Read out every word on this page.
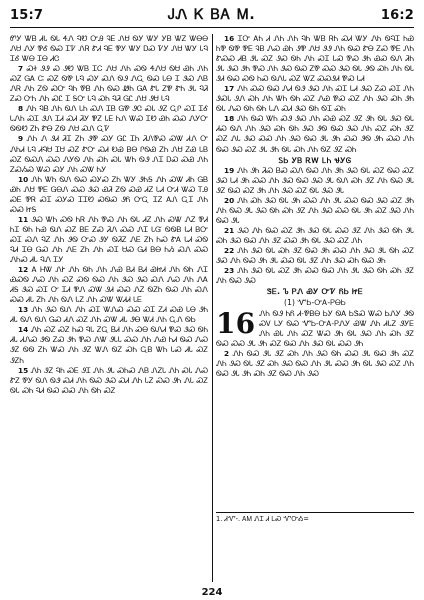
15:7	ᎫᏁ Ꮶ ᏴᎪ Ꮇ.	16:2

ᏛᎩ ᏔᏴ ᏗᏓ ᏫᏓ ᏎᏁ ᏄᏬ ᏅᎯ ᎸᎬ ᏁᏌ ᏫᎩ ᏔᎩ ᎩᏴ ᏔᏃ ᏔᎾᎾ ᏁᏌ ᏁᎩ ᏈᎴ ᏫᏍ ᏆᏤ ᏁᏒ ᏑᏗ ᏄᎬ ᏈᎩ ᏔᎩ ᎠᏍ ᏤᎩ ᏁᏌ ᏔᎩ ᏓᏄ ᏆᎴ ᏔᎾ ᏆᎾ ᏗᏣ

7 ᏍᏐ ᏭᏭ Ꮝ ᏭᏬ ᏔᏴ ᏆᏟ ᏁᏌ ᏁᏂ ᏍᏫ ᏎᏁᏌ ᏫᏌ ᏯᏂ ᏁᏂ ᏍᏃ ᏀᎪ Ꮸ ᏍᏃ ᏫᏈ ᏓᏄ ᏍᎩ ᏍᏁ ᏫᏭ ᏁᏩ ᏫᏍ ᏓᎾ Ꮖ ᏭᏍ ᏁᏴ ᏁᏒ ᏁᏂ ᏃᏫ ᏍᏅ ᏄᏂ ᏈᏴ ᏁᏂ ᏫᏍ ᏪᏂ ᏀᎪ ᏑᏓ ᏃᏈ ᏑᏂ ᏭᏓ ᏄᏘ ᏃᏍ ᏅᏂ ᏁᏂ ᏍᏝ Ꮖ ᎦᏅ ᏓᏄ ᏍᏂ ᏄᏘ ᏀᏝ ᏁᏌ ᏭᏌ ᏓᏄ

8 ᏁᏂ ᏄᏴ ᏁᏂ ᏫᏁ ᏓᏂ ᏍᏁ ᏆᏴ ᏀᏈ ᏭᏣ ᏍᏓ ᏭᏃ ᏩᎵ ᏍᏆ ᏆᎴ ᏓᏁᏂ ᏍᏆ ᏭᏁ ᏆᏗ ᏍᏗ ᏘᎩ ᏈᏃ ᏓᎬ ᏂᏁ ᏔᏍ ᏆᏬ ᏯᏂ ᏍᏍ ᏁᎩᏅ ᏫᏫᏬ ᏃᏂ ᏑᎾ ᏃᏫ ᏁᏌ ᏍᏁ ᏩᏤ

9 ᏁᏂ Ꮑ ᏭᏗ ᏘᏆ ᏃᏂ ᏭᏈ ᏍᎩ ᏀᏝ ᏆᏂ ᏘᏁᏈᏍ ᏍᏔ ᏗᏁ Ꮕ ᏁᏂᏗ ᏓᏄ ᏗᏄᏌ ᏆᏌ ᏍᏃ ᏑᏅ ᏍᏗ ᎧᏯ ᏴᎾ ᎵᏫᏯ ᏃᏂ ᏁᏌ ᏃᏯ ᏓᏴ ᏍᏃ ᏫᏍᏁ ᏍᏍ ᏁᎩᏫ ᏁᏂ ᏍᏂ ᏍᏓ ᏔᏂ ᏫᏭ ᏁᏆ ᎠᏍ ᏍᏯ ᏁᏂ ᏃᏍᏱᏍ ᏔᏍ ᏍᎩ ᏁᏂ ᏍᏔ ᏂᎩ

10 ᏁᏂ ᏔᏂ ᏫᏁ ᏫᏍ ᏍᎩᏍ ᏃᏂ ᏔᎩ ᏭᏂᎦ ᏁᏂ ᏍᏔ ᏗᏂ ᏀᏴ ᏯᏂ ᏁᏌ ᏈᎬ ᏀᎾᏁ ᏍᏍ ᏭᏍ ᏯᏘ ᏃᏫ ᏍᏯ ᏗᏃ ᏓᏗ ᏅᏗ ᏔᏍ ᎢᎯ ᏍᎬ ᏈᏒ ᏍᏆ ᏍᎩᏍ ᏆᏆᏬ ᏍᏫᏍ ᏭᏲ ᏅᏩ ᏆᏃ ᎪᏁ ᏩᏆ ᏁᏂ ᏍᏍ ᏥᎦ

11 ᏭᏍ ᏔᏂ ᏍᏫ ᏂᏒ ᏁᏂ ᏈᏍ ᏁᏂ ᏫᏓ ᏗᏃ ᏁᏂ ᏍᏔ ᏁᏃ ᏈᏗ ᏂᏆ ᏫᏂ ᏂᏯ ᏫᏁ ᏍᏃ ᏴᎬ ᏃᏍ ᏘᏁ ᏍᏍ ᏁᏆ ᏓᏳ ᏫᏫᏴ ᏓᏗ ᏴᏅ ᏍᏆ ᏍᏁ ᏄᏃ ᏁᏂ ᏭᏫ ᏅᏍ ᏭᎩ ᏫᏘᏃ ᏁᎬ ᏃᏂ ᏂᏍ ᏑᎪ ᏓᏗ ᏍᏫ ᏄᏗ ᏆᎾ ᏀᏍ ᏁᏂ ᏁᎬ ᏃᏂ ᏁᏂ ᏍᏆ ᏌᏍ ᏀᏗ ᏴᎾ ᏂᏱ ᏍᏁ ᏍᏍ ᏁᏂᏍ ᏗᏓ ᏄᏁ ᏆᎩ

12 Ꭺ ᎻᏔ ᏁᎨ ᏁᏂ ᏫᏂ ᏁᏂ ᏁᏯ ᏴᏗ ᏴᏗ ᏯᏥᏗ ᏁᏂ ᏫᏂ ᏁᏆ ᏯᏍᏫ ᏁᏍ ᏁᏂ ᏍᏃ ᏍᏫ ᏫᏍ ᏁᏂ ᏭᏍ ᏭᏍ ᏍᏁ ᏁᏍ ᏁᏂ ᏁᎪ ᏗᎦ ᏭᏍ ᏍᏆ Ꮕ ᏆᏗ ᏈᏁ ᏍᏔ ᏭᏗ ᏍᏍ ᏁᏃ ᏫᏃᏂ ᏫᏍ ᏁᏂ ᏍᏁ ᏍᏍ ᏗᏓ ᏃᏂ ᏁᏂ ᏫᏁ ᏓᏃ ᏁᏂ ᏍᏔ ᏔᏗᏗ ᏓᎬ

13 ᏁᏂ ᏭᏍ ᏫᏁ ᏁᏂ ᏍᏆ ᏔᏁᏍ ᏍᏍ ᏍᏆ ᏃᏗ ᏍᏯ ᏓᎾ ᏭᏂ ᏗᏓ ᏫᏁ ᏫᏁ ᏀᏍ ᏗᏁ ᏍᏃ ᏁᏂ ᏍᏔ ᏗᏓ ᏭᎾ ᏔᏗ ᏁᏂ ᏩᏁ ᏫᏏ

14 ᏁᏂ ᏍᏃ ᏍᏃ ᏂᏍ ᏄᏓ ᏃᏩ ᏴᏗ ᏁᏂ ᏍᎾ ᏫᏁᏗ ᏈᏍ ᏭᏍ ᏫᏂ ᏗᏓ ᏗᏁᏍ ᏭᏫ ᏃᏍ ᏭᏂ ᏈᏍ ᏁᏔ ᏭᏓᏓ ᏍᏍ ᏁᏂ ᏁᏯ ᏂᏗ ᏫᏍ ᏁᏍ ᏭᏃ ᏫᏫ ᏃᏂ ᏔᏍ ᏁᏂ ᏭᏃ ᏔᏁ ᏫᏃ ᏍᏂ ᏩᏴ ᏔᏂ ᏓᏍ ᏗᏓ ᏍᏃ ᏭᏃᏂ

15 ᏁᏂ ᏭᏃ ᏄᏂ ᏍᎬ ᏭᏆ ᏁᏂ ᏭᏓ ᏍᏂᏍ ᏁᏴ ᏁᏃᏓ ᏁᏂ ᏍᏓ ᏁᏍ ᏑᏃ ᏈᎩ ᏫᏁ ᏫᏭ ᏍᏗ ᏁᏂ ᏫᏍ ᏭᏍ ᏍᏗ ᏁᏂ ᏓᏃ ᏍᏍ ᏭᏂ ᏁᏓ ᏍᏃ ᏫᏓ ᏍᏂ ᏄᏗ ᏫᏍ ᏍᏍ ᏁᏂ ᏫᏂ ᏍᏃ

16 ᏆᏅ ᎪᏂ Ꮧ ᏁᏂ ᏁᏂ ᏄᏂ ᏔᏴ ᏒᏂ ᏍᏗ ᏔᎩ ᏁᏂ ᏫᏄᏆ ᏂᏯ ᏂᏈ ᏫᏈ ᏈᎬ ᎸᏴ ᏁᏍ ᏯᏂ ᏭᏈ ᏁᏌ ᏭᏭ ᏁᏂ ᏫᏍ ᏑᎾ ᏃᏍ ᏈᎬ ᏁᏂ ᏑᏍᏍ ᏗᏴ ᏭᏓ ᏍᏃ ᏭᏍ ᏫᏂ ᏁᏂ ᏍᏆ ᏓᏍ ᏈᏍ ᏭᏂ ᏯᏍ ᏫᏁ ᏘᏂ ᏭᏓ ᏭᏍ ᏭᏂ ᏈᏍ ᏁᏂ ᏭᏍ ᏫᏍ ᏃᏈ ᏍᏍ ᏭᏍ ᏫᏓ ᏭᏫ ᏍᏂ ᏁᏂ ᏫᏓ ᏭᏗ ᏫᏍ ᏍᏫ ᏂᏍ ᏫᏁᏓ ᏍᏃ ᏔᏃ ᏍᏍᏭᏗ ᏈᏍ ᏓᏗ

17 ᏁᏂ ᏍᏍ ᏫᏍ ᏁᏗ ᏫᏭ ᏭᏍ ᏁᏂ ᏍᏆ ᏓᏗ ᏭᏍ ᏃᏍ ᏍᏆ ᏁᏂ ᏭᏍᏓ ᏭᏁ ᏍᏂ ᏁᏂ ᏔᏂ ᏫᏂ ᏍᏃ ᏁᏯ ᏈᏍ ᏍᏃ ᏁᏂ ᏭᏍ ᏍᏂ ᏭᏂ ᏫᏓ ᏁᏍ ᏫᏂ ᏫᏂ ᏓᏁ ᏍᏗ ᏭᏍ ᏫᏂ ᏫᏆ ᏍᏂ

18 ᏁᏂ ᏫᏍ ᏔᏂ ᏍᏭ ᏭᏍ ᏁᏂ ᏍᏯ ᏍᏃ ᏭᏃ ᏭᏂ ᏫᏓ ᏭᏍ ᏫᏓ ᏗᏍ ᏫᏁ ᏁᏂ ᏭᏍ ᏍᏂ ᏫᏂ ᏭᏍ ᏭᏫ ᏫᏍ ᏭᏍ ᏁᏂ ᏍᏃ ᏍᏂ ᏭᏃ ᏍᏃ ᏁᏓ ᏭᏍ ᏍᏍ ᏁᏂ ᏭᏍ ᏫᏍ ᏭᏓ ᏭᏂ ᏍᏍ ᏭᏫ ᏭᏂ ᏍᏍ ᏁᏂ ᏫᏍ ᏭᏍ ᏍᏃ ᏭᏓ ᏭᏂ ᏫᏓ ᏍᏂ ᏁᏂ ᏫᏃ ᏭᏃ ᏍᏂ

ᏚᏏ ᎩᏴ ᎡᎳ ᏞᏂ ᏠᎩᎶ

19 ᏁᏂ ᏭᏂ ᏘᏍ ᏴᏍ ᏍᏁ ᏫᏍ ᏁᏂ ᏭᏂ ᏭᏍ ᏫᏓ ᏍᏃ ᏫᏍ ᏍᏃ ᏭᏍ ᏓᏗ ᏭᏂ ᏍᏍ ᏁᏂ ᏭᏍ ᏫᏍ ᏭᏍ ᏭᏓ ᏫᏁ ᏍᏂ ᏭᏃ ᏁᏂ ᏫᏍ ᏭᏓ ᏭᏃ ᏫᏍ ᏍᏃ ᏭᏂ ᏁᏂ ᏭᏍ ᏍᏃ ᏫᏓ ᏭᏍ ᏭᏓ

20 ᏁᏂ ᏍᏂ ᏭᏍ ᏫᏓ ᏭᏂ ᏍᏍ ᏁᏂ ᏭᏓ ᏍᏍ ᏫᏍ ᏭᏍ ᏍᏃ ᏭᏂ ᏁᏂ ᏫᏍ ᏭᏓ ᏭᏍ ᏫᏂ ᏍᏂ ᏭᏃ ᏁᏂ ᏭᏍ ᏍᏍ ᏫᏓ ᏭᏂ ᏍᏃ ᏭᏍ ᏁᏂ ᏫᏍ ᏭᏓ

21 ᏭᏍ ᏁᏂ ᏫᏍ ᏍᏃ ᏭᏂ ᏭᏍ ᏫᏓ ᏍᏍ ᏭᏃ ᏁᏂ ᏭᏍ ᏫᏂ ᏭᏓ ᏍᏂ ᏭᏍ ᏫᏍ ᏁᏂ ᏭᏃ ᏍᏍ ᏭᏂ ᏫᏓ ᏭᏍ ᏍᏃ ᏁᏂ

22 ᏁᏂ ᏭᏍ ᏫᏓ ᏍᏂ ᏭᏃ ᏫᏍ ᏭᏂ ᏍᏍ ᏁᏂ ᏭᏍ ᏭᏓ ᏫᏂ ᏍᏃ ᏭᏍ ᏁᏂ ᏫᏍ ᏭᏂ ᏭᏓ ᏍᏍ ᏫᏓ ᏭᏃ ᏁᏂ ᏭᏍ ᏍᏂ ᏫᏍ ᏭᏂ

23 ᏁᏂ ᏭᏍ ᏫᏓ ᏍᏃ ᏭᏂ ᏍᏍ ᏫᏍ ᏁᏂ ᏭᏓ ᏭᏍ ᏫᏂ ᏍᏂ ᏭᏃ ᏁᏂ ᏫᏍ ᏭᏍ

ᏕᎬ. Ꮦ ᏢᏁ ᏯᎩ ᏅᏤ ᏲᏏ ᏥᎬ
(1) ᏉᏏ-ᏅᎪ-ᏢᎾᏏ
16 ᏁᏂ ᏫᏭ ᏂᏲ Ꮧ-ᏈᏴᎾ ᏏᎩ ᏫᎪ ᏏᏕᏍ ᏔᏍ ᏏᏁᎩ ᏭᏫ ᏍᏙ ᏓᎩ ᏫᏍ ᏉᏏ-ᏅᎪ-ᏢᏁᎩ ᏯᏔ ᏁᏂ ᏗᏓᏃ ᏭᎩᎬ ᏁᏂ ᏯᏓ ᏁᏂ ᏍᏃ ᏔᏍ ᏭᏂ ᏫᏓ ᏭᏍ ᏁᏂ ᏍᏂ ᏭᏃ ᏫᏍ ᏍᏍ ᏭᏓ ᏭᏂ ᏍᏃ ᏫᏍ ᏁᏂ ᏭᏍ ᏫᏓ ᏍᏍ ᏭᏂ

2 ᏁᏂ ᏫᏍ ᏭᏓ ᏭᏃ ᏍᏂ ᏁᏂ ᏭᏍ ᏫᏂ ᏍᏍ ᏭᏓ ᏫᏍ ᏭᏂ ᏍᏃ ᏁᏂ ᏭᏍ ᏫᏓ ᏭᏃ ᏍᏂ ᏭᏍ ᏫᏍ ᏁᏂ ᏭᏓ ᏍᏍ ᏭᏂ ᏫᏓ ᏭᏍ ᏍᏃ ᏁᏂ ᏫᏍ ᏭᏓ ᏭᏂ ᏍᏂ ᏭᏃ ᏫᏍ ᏁᏂ ᏭᏍ

1. ᏗᏉ-. ᎪᎷ ᏁᏆ Ꮧ ᏞᏍ ᏉᏅᎣ=
224
